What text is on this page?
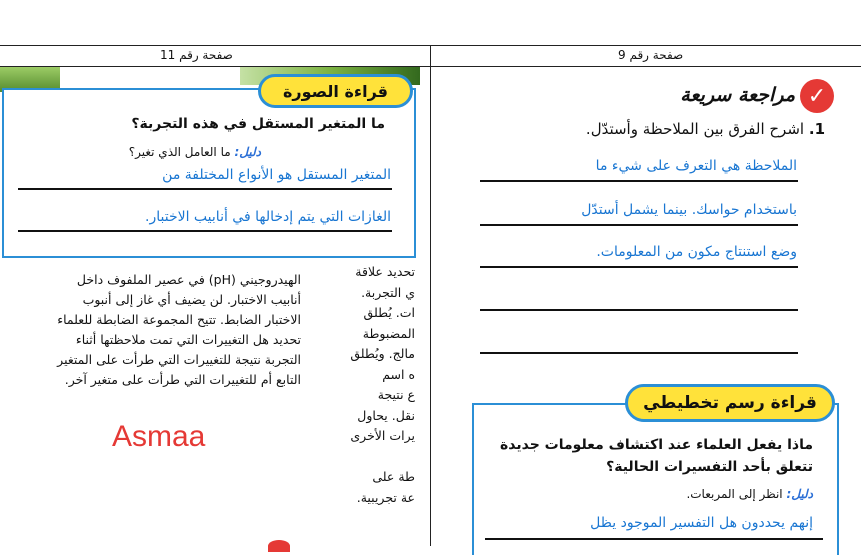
صفحة رقم 11	صفحة رقم 9
قراءة الصورة
ما المتغير المستقل في هذه التجربة؟
دليل: ما العامل الذي تغير؟
المتغير المستقل هو الأنواع المختلفة من
الغازات التي يتم إدخالها في أنابيب الاختبار.
الهيدروجيني (pH) في عصير الملفوف داخل
أنابيب الاختبار. لن يضيف أي غاز إلى أنبوب
الاختبار الضابط. تتيح المجموعة الضابطة للعلماء
تحديد هل التغييرات التي تمت ملاحظتها أثناء
التجربة نتيجة للتغييرات التي طرأت على المتغير
التابع أم للتغييرات التي طرأت على متغير آخر.
تحديد علاقة
ي التجربة.
ات. يُطلق
المضبوطة
مالج. ويُطلق
ه اسم
ع نتيجة
نقل. يحاول
يرات الأخرى

طة على
عة تجريبية.
Asmaa
✓
مراجعة سريعة
1. اشرح الفرق بين الملاحظة وأستدّل.
الملاحظة هي التعرف على شيء ما
باستخدام حواسك. بينما يشمل أستدّل
وضع استنتاج مكون من المعلومات.
قراءة رسم تخطيطي
ماذا يفعل العلماء عند اكتشاف معلومات جديدة تتعلق بأحد التفسيرات الحالية؟
دليل: انظر إلى المربعات.
إنهم يحددون هل التفسير الموجود يظل
